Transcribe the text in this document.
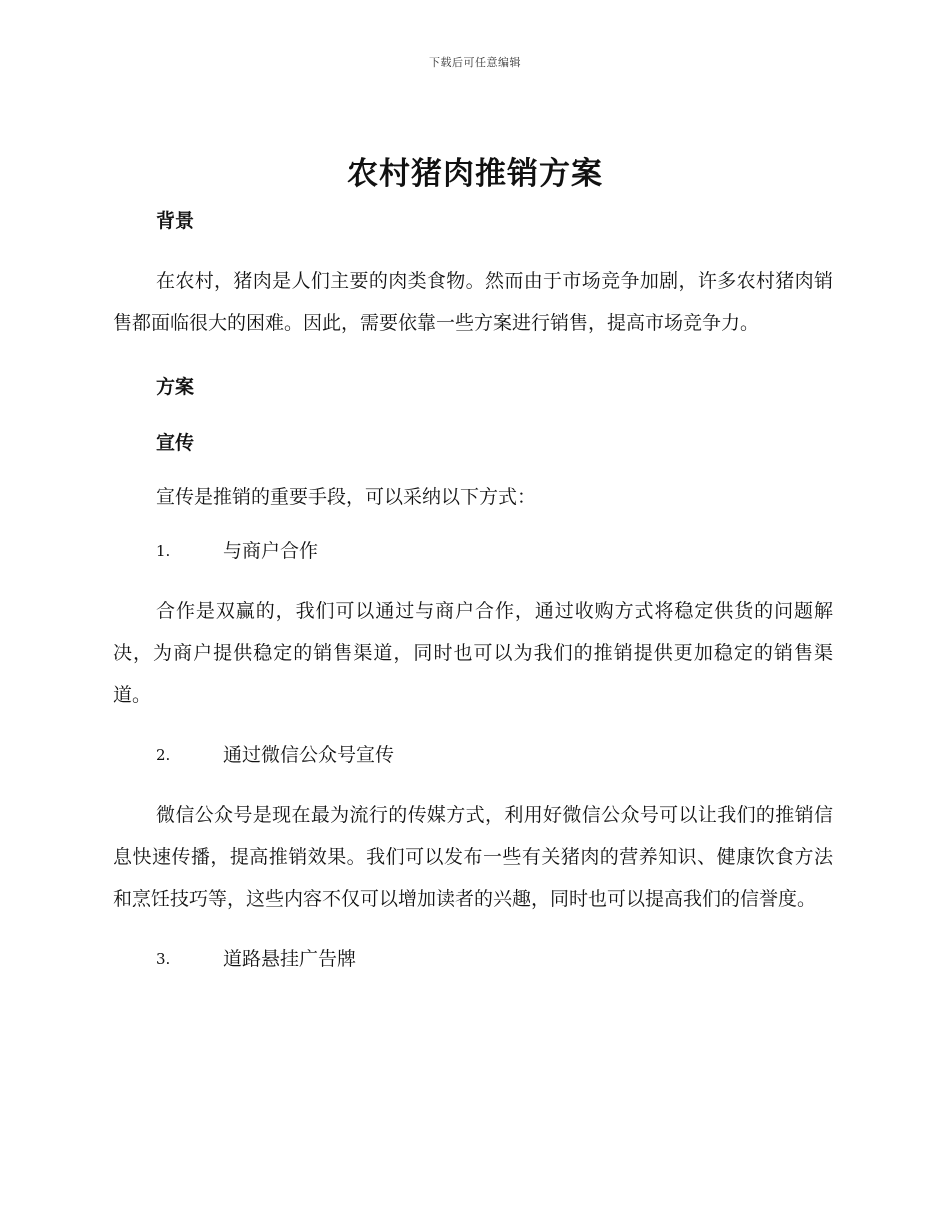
下载后可任意编辑
农村猪肉推销方案

背景

在农村，猪肉是人们主要的肉类食物。然而由于市场竞争加剧，许多农村猪肉销售都面临很大的困难。因此，需要依靠一些方案进行销售，提高市场竞争力。

方案

宣传

宣传是推销的重要手段，可以采纳以下方式：

1.	与商户合作

合作是双赢的，我们可以通过与商户合作，通过收购方式将稳定供货的问题解决，为商户提供稳定的销售渠道，同时也可以为我们的推销提供更加稳定的销售渠道。

2.	通过微信公众号宣传

微信公众号是现在最为流行的传媒方式，利用好微信公众号可以让我们的推销信息快速传播，提高推销效果。我们可以发布一些有关猪肉的营养知识、健康饮食方法和烹饪技巧等，这些内容不仅可以增加读者的兴趣，同时也可以提高我们的信誉度。

3.	道路悬挂广告牌
